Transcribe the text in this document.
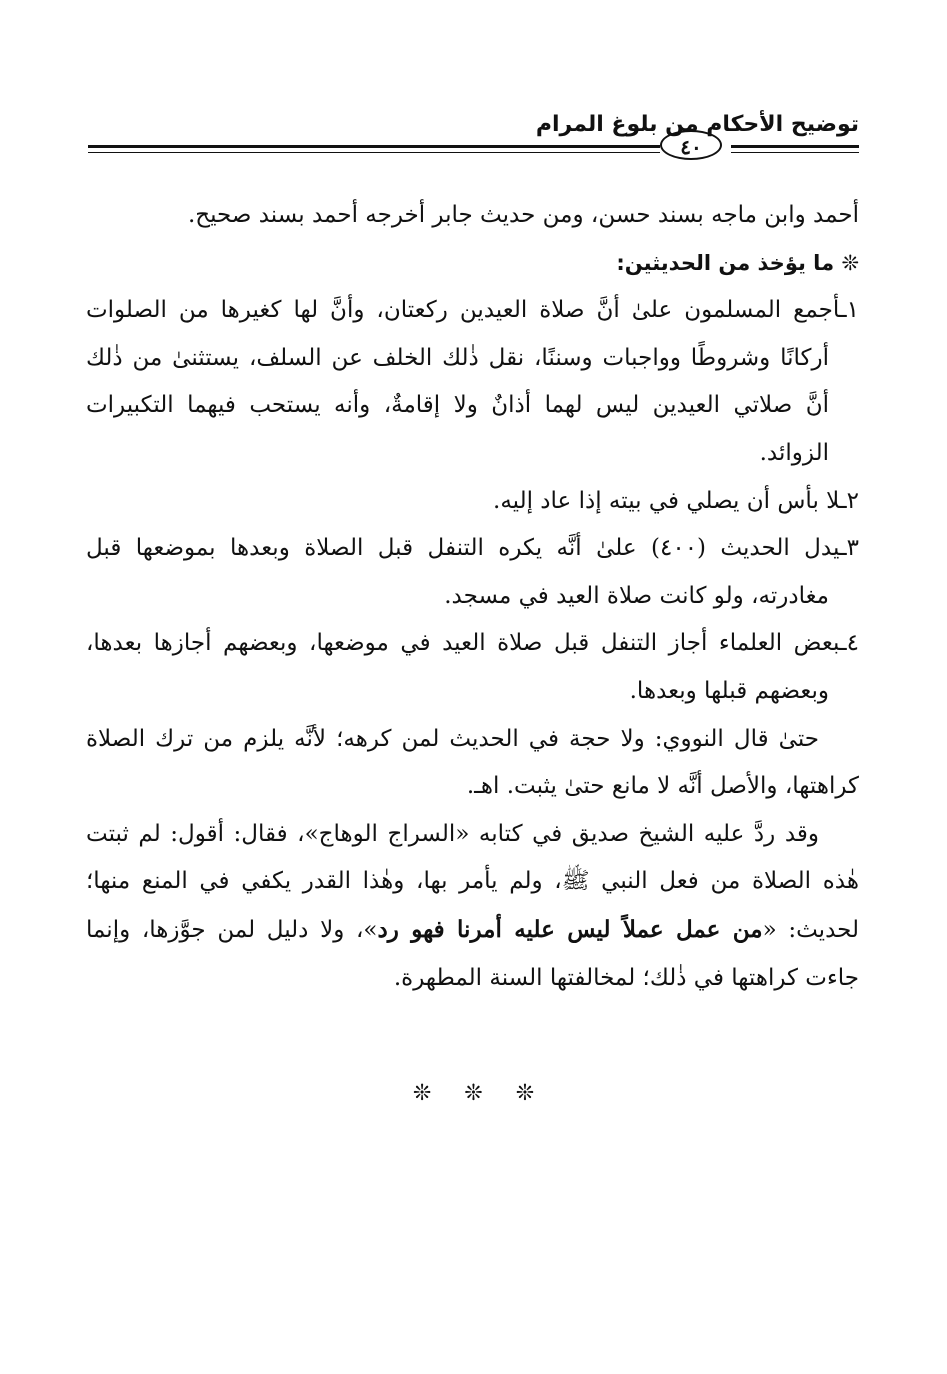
توضيح الأحكام من بلوغ المرام
٤٠

أحمد وابن ماجه بسند حسن، ومن حديث جابر أخرجه أحمد بسند صحيح.

❊ ما يؤخذ من الحديثين:

١ـأجمع المسلمون علىٰ أنَّ صلاة العيدين ركعتان، وأنَّ لها كغيرها من الصلوات أركانًا وشروطًا وواجبات وسننًا، نقل ذٰلك الخلف عن السلف، يستثنىٰ من ذٰلك أنَّ صلاتي العيدين ليس لهما أذانٌ ولا إقامةٌ، وأنه يستحب فيهما التكبيرات الزوائد.

٢ـلا بأس أن يصلي في بيته إذا عاد إليه.

٣ـيدل الحديث (٤٠٠) علىٰ أنَّه يكره التنفل قبل الصلاة وبعدها بموضعها قبل مغادرته، ولو كانت صلاة العيد في مسجد.

٤ـبعض العلماء أجاز التنفل قبل صلاة العيد في موضعها، وبعضهم أجازها بعدها، وبعضهم قبلها وبعدها.

حتىٰ قال النووي: ولا حجة في الحديث لمن كرهه؛ لأنَّه يلزم من ترك الصلاة كراهتها، والأصل أنَّه لا مانع حتىٰ يثبت. اهـ.

وقد ردَّ عليه الشيخ صديق في كتابه «السراج الوهاج»، فقال: أقول: لم ثبتت هٰذه الصلاة من فعل النبي ﷺ، ولم يأمر بها، وهٰذا القدر يكفي في المنع منها؛ لحديث: «من عمل عملاً ليس عليه أمرنا فهو رد»، ولا دليل لمن جوَّزها، وإنما جاءت كراهتها في ذٰلك؛ لمخالفتها السنة المطهرة.

❊ ❊ ❊
